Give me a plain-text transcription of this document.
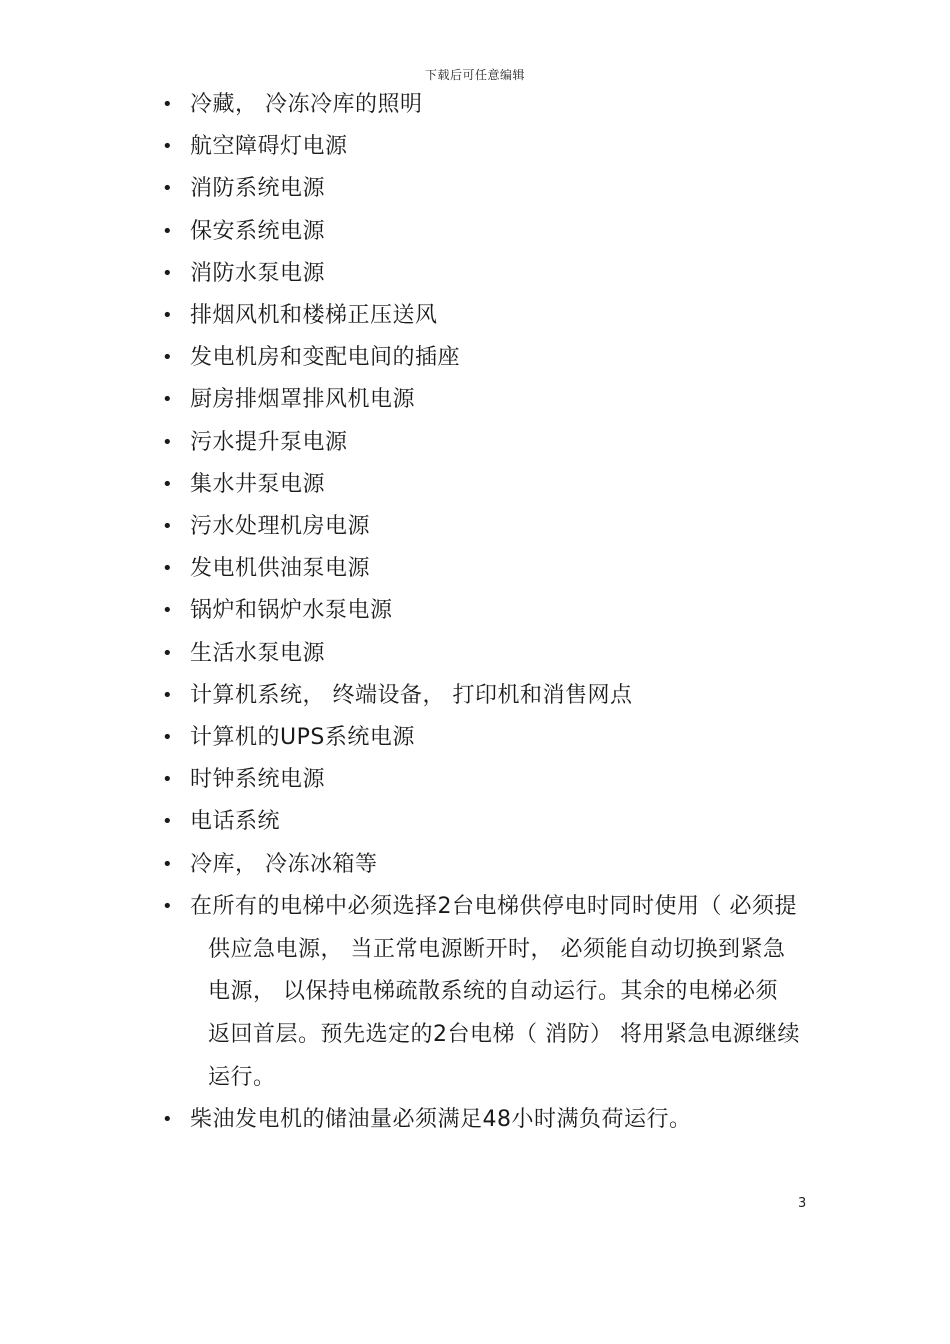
下载后可任意编辑
• 冷藏， 冷冻冷库的照明
• 航空障碍灯电源
• 消防系统电源
• 保安系统电源
• 消防水泵电源
• 排烟风机和楼梯正压送风
• 发电机房和变配电间的插座
• 厨房排烟罩排风机电源
• 污水提升泵电源
• 集水井泵电源
• 污水处理机房电源
• 发电机供油泵电源
• 锅炉和锅炉水泵电源
• 生活水泵电源
• 计算机系统， 终端设备， 打印机和消售网点
• 计算机的UPS系统电源
• 时钟系统电源
• 电话系统
• 冷库， 冷冻冰箱等
• 在所有的电梯中必须选择2台电梯供停电时同时使用（ 必须提
供应急电源， 当正常电源断开时， 必须能自动切换到紧急
电源， 以保持电梯疏散系统的自动运行。其余的电梯必须
返回首层。预先选定的2台电梯（ 消防） 将用紧急电源继续
运行。
• 柴油发电机的储油量必须满足48小时满负荷运行。
3
